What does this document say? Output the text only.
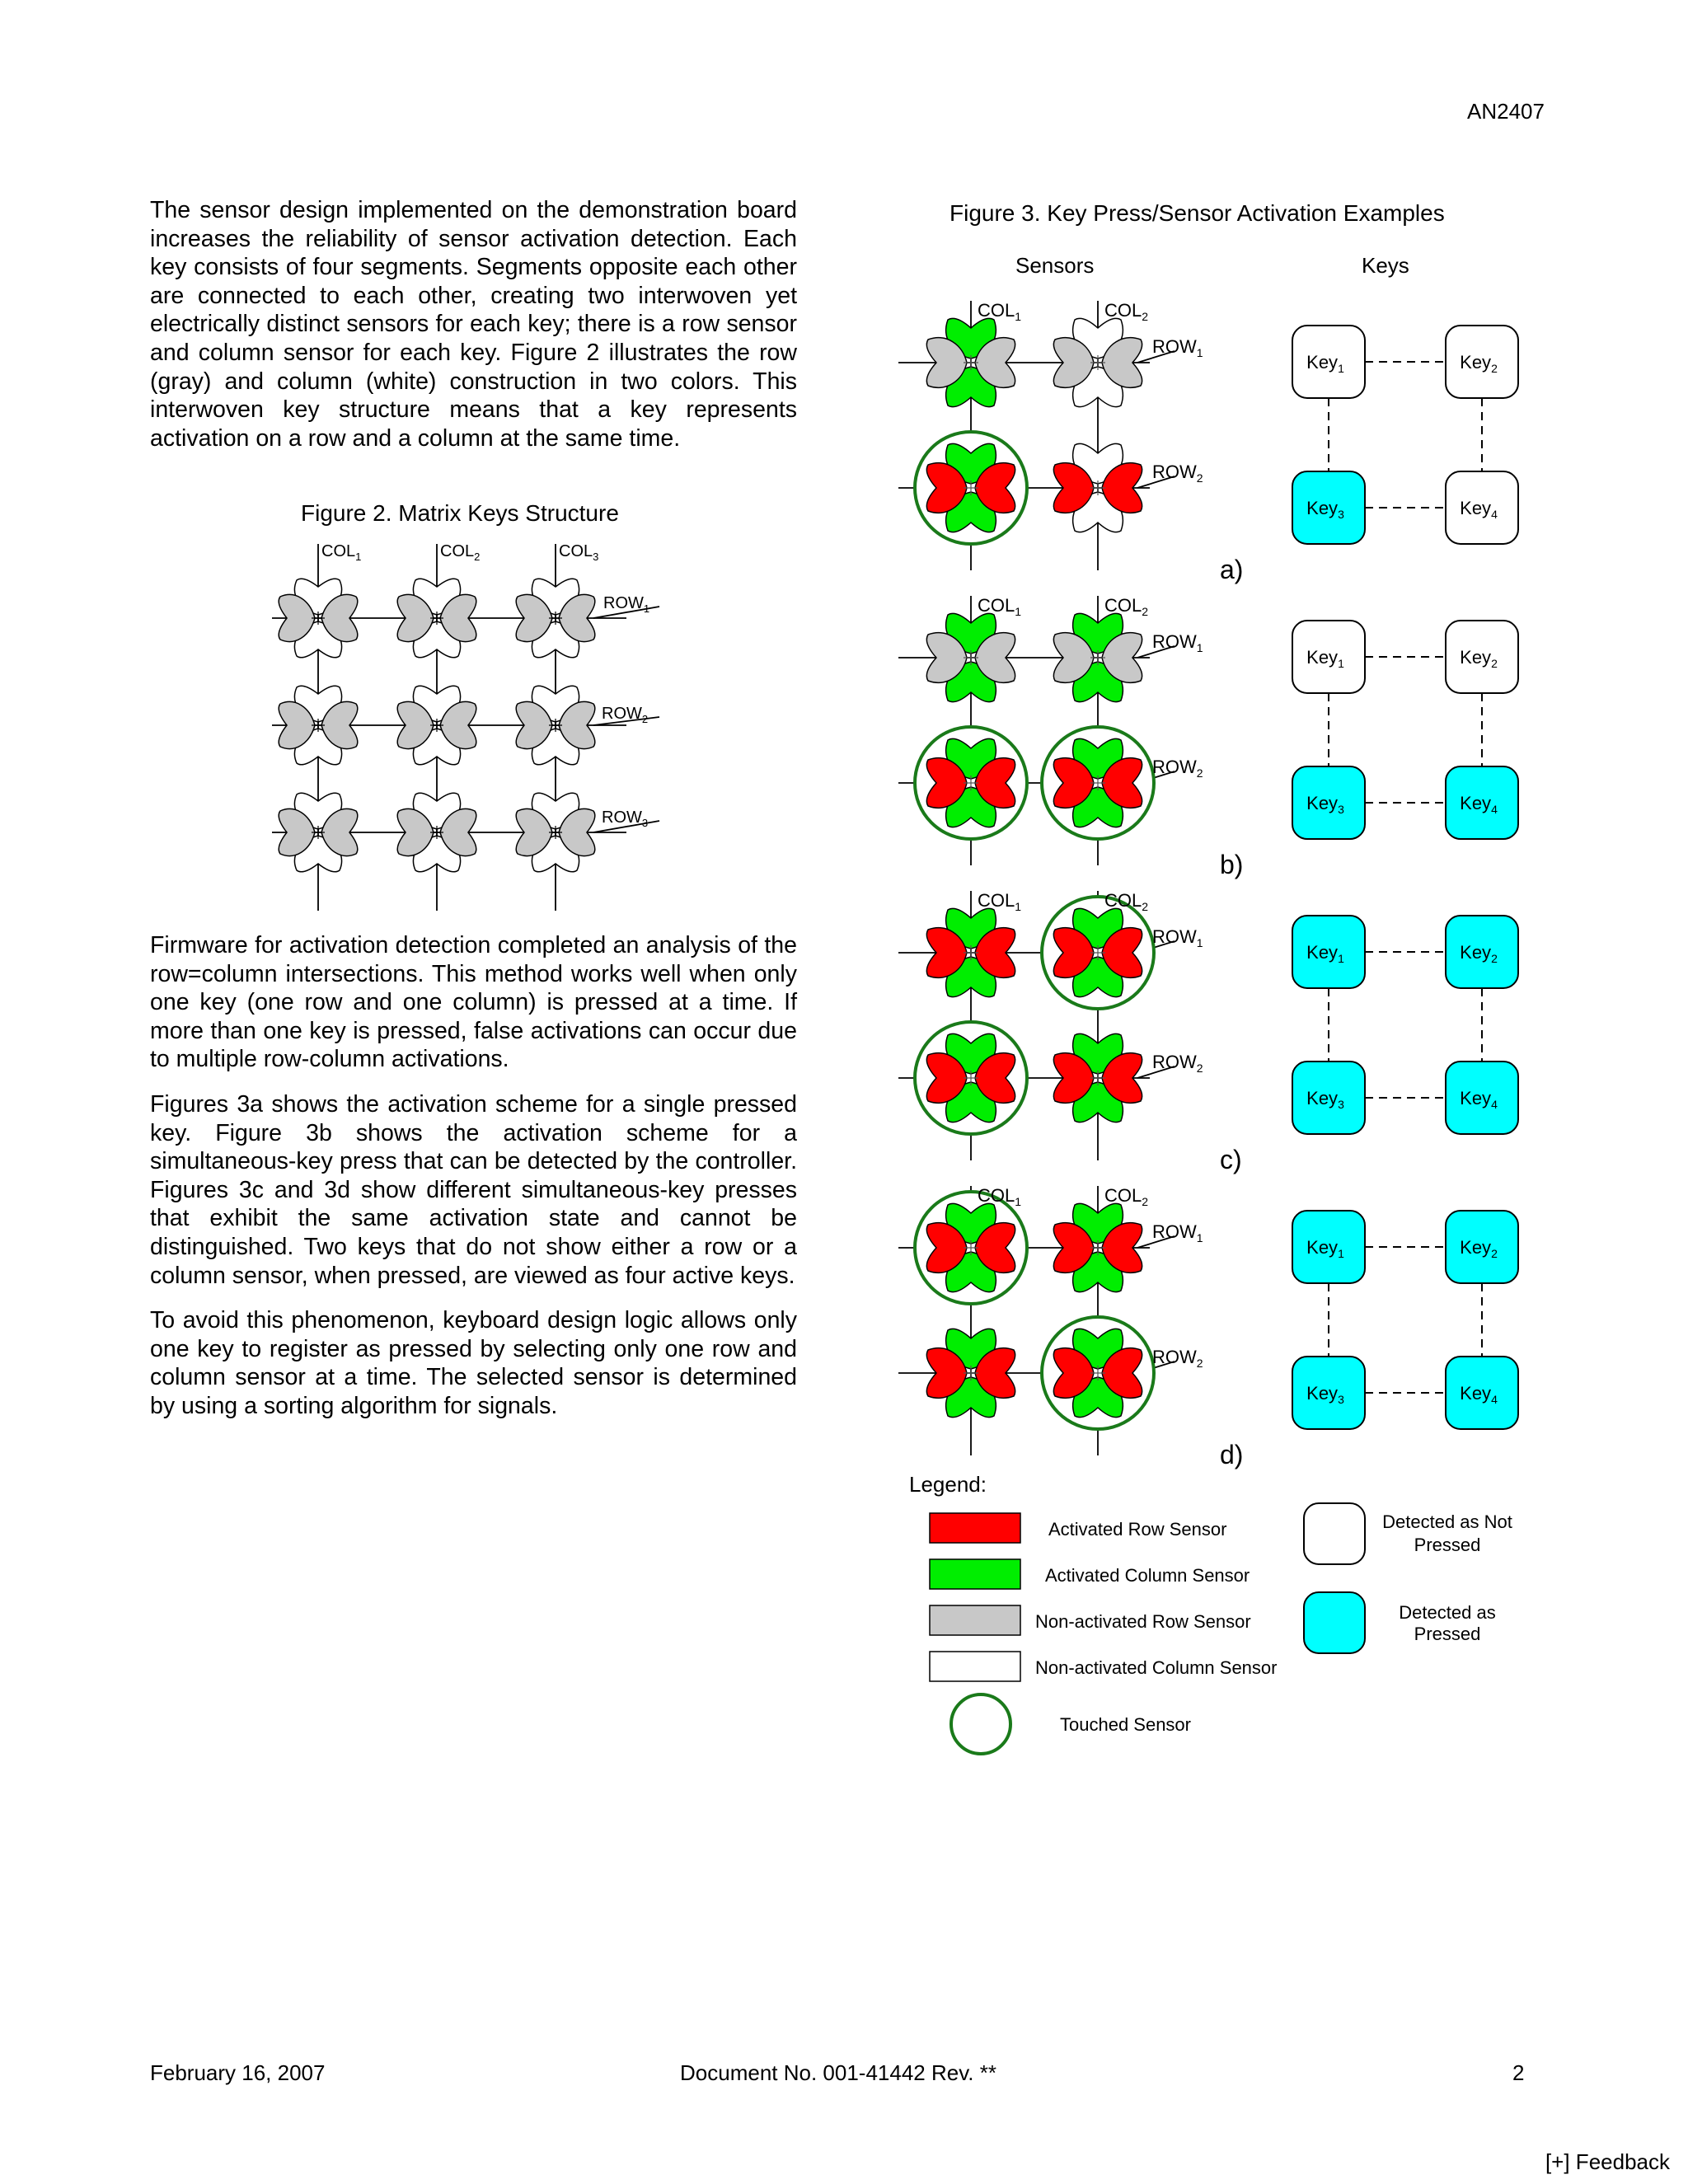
AN2407

The sensor design implemented on the demonstration board increases the reliability of sensor activation detection. Each key consists of four segments. Segments opposite each other are connected to each other, creating two interwoven yet electrically distinct sensors for each key; there is a row sensor and column sensor for each key. Figure 2 illustrates the row (gray) and column (white) construction in two colors. This interwoven key structure means that a key represents activation on a row and a column at the same time.

Figure 2. Matrix Keys Structure
$COL_1$	$COL_2$	$COL_3$
$ROW_1$
$ROW_2$
$ROW_3$

Firmware for activation detection completed an analysis of the row=column intersections. This method works well when only one key (one row and one column) is pressed at a time. If more than one key is pressed, false activations can occur due to multiple row-column activations.

Figures 3a shows the activation scheme for a single pressed key. Figure 3b shows the activation scheme for a simultaneous-key press that can be detected by the controller. Figures 3c and 3d show different simultaneous-key presses that exhibit the same activation state and cannot be distinguished. Two keys that do not show either a row or a column sensor, when pressed, are viewed as four active keys.

To avoid this phenomenon, keyboard design logic allows only one key to register as pressed by selecting only one row and column sensor at a time. The selected sensor is determined by using a sorting algorithm for signals.

Figure 3. Key Press/Sensor Activation Examples
Sensors	Keys
$COL_1$
$ROW_1$
$COL_2$
$ROW_2$
a)
$COL_1$
$ROW_1$
$COL_2$
$ROW_2$
b)
$COL_1$
$ROW_1$
$COL_2$
$ROW_2$
c)
$COL_1$
$ROW_1$
$COL_2$
$ROW_2$
d)
Key$_1$	Key$_2$
Key$_3$	Key$_4$
Key$_1$	Key$_2$
Key$_3$	Key$_4$
Key$_1$	Key$_2$
Key$_3$	Key$_4$
Key$_1$	Key$_2$
Key$_3$	Key$_4$
Legend:
Activated Row Sensor
Activated Column Sensor
Non-activated Row Sensor
Non-activated Column Sensor
Touched Sensor
Detected as Not
Pressed
Detected as
Pressed
February 16, 2007	Document No. 001-41442 Rev. **	2
[+] Feedback
